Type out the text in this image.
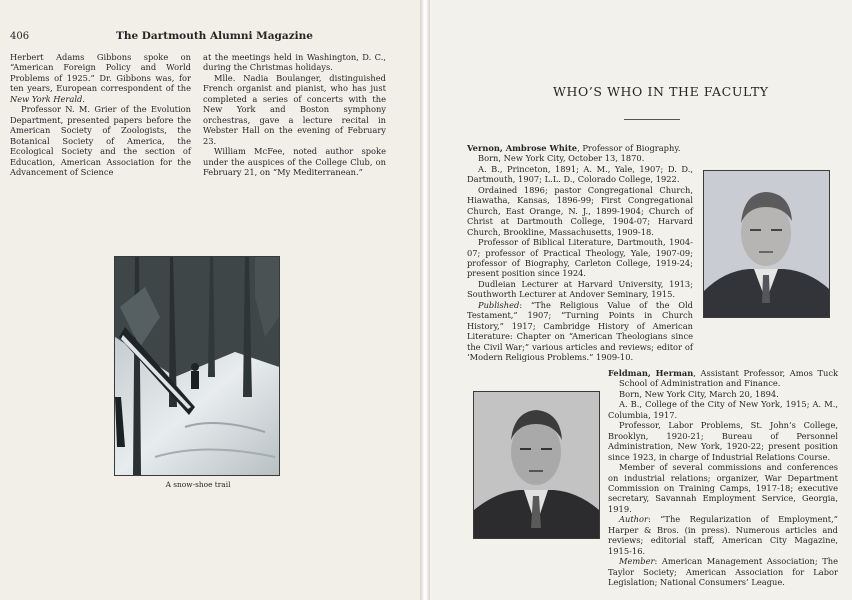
406	The Dartmouth Alumni Magazine

Herbert Adams Gibbons spoke on “American Foreign Policy and World Problems of 1925.” Dr. Gibbons was, for ten years, European correspondent of the New York Herald.

Professor N. M. Grier of the Evolution Department, presented papers before the American Society of Zoologists, the Botanical Society of America, the Ecological Society and the section of Education, American Association for the Advancement of Science

at the meetings held in Washington, D. C., during the Christmas holidays.

Mlle. Nadia Boulanger, distinguished French organist and pianist, who has just completed a series of concerts with the New York and Boston symphony orchestras, gave a lecture recital in Webster Hall on the evening of February 23.

William McFee, noted author spoke under the auspices of the College Club, on February 21, on “My Mediterranean.”

A snow-shoe trail
WHO’S WHO IN THE FACULTY

Vernon, Ambrose White, Professor of Biography.

Born, New York City, October 13, 1870.

A. B., Princeton, 1891; A. M., Yale, 1907; D. D., Dartmouth, 1907; L.L. D., Colorado College, 1922.

Ordained 1896; pastor Congregational Church, Hiawatha, Kansas, 1896-99; First Congregational Church, East Orange, N. J., 1899-1904; Church of Christ at Dartmouth College, 1904-07; Harvard Church, Brookline, Massachusetts, 1909-18.

Professor of Biblical Literature, Dartmouth, 1904-07; professor of Practical Theology, Yale, 1907-09; professor of Biography, Carleton College, 1919-24; present position since 1924.

Dudleian Lecturer at Harvard University, 1913; Southworth Lecturer at Andover Seminary, 1915.

Published: “The Religious Value of the Old Testament,” 1907; “Turning Points in Church History,” 1917; Cambridge History of American Literature: Chapter on “American Theologians since the Civil War;” various articles and reviews; editor of ‘Modern Religious Problems.” 1909-10.

Feldman, Herman, Assistant Professor, Amos Tuck School of Administration and Finance.

Born, New York City, March 20, 1894.

A. B., College of the City of New York, 1915; A. M., Columbia, 1917.

Professor, Labor Problems, St. John’s College, Brooklyn, 1920-21; Bureau of Personnel Administration, New York, 1920-22; present position since 1923, in charge of Industrial Relations Course.

Member of several commissions and conferences on industrial relations; organizer, War Department Commission on Training Camps, 1917-18; executive secretary, Savannah Employment Service, Georgia, 1919.

Author: “The Regularization of Employment,” Harper & Bros. (in press). Numerous articles and reviews; editorial staff, American City Magazine, 1915-16.

Member: American Management Association; The Taylor Society; American Association for Labor Legislation; National Consumers’ League.
